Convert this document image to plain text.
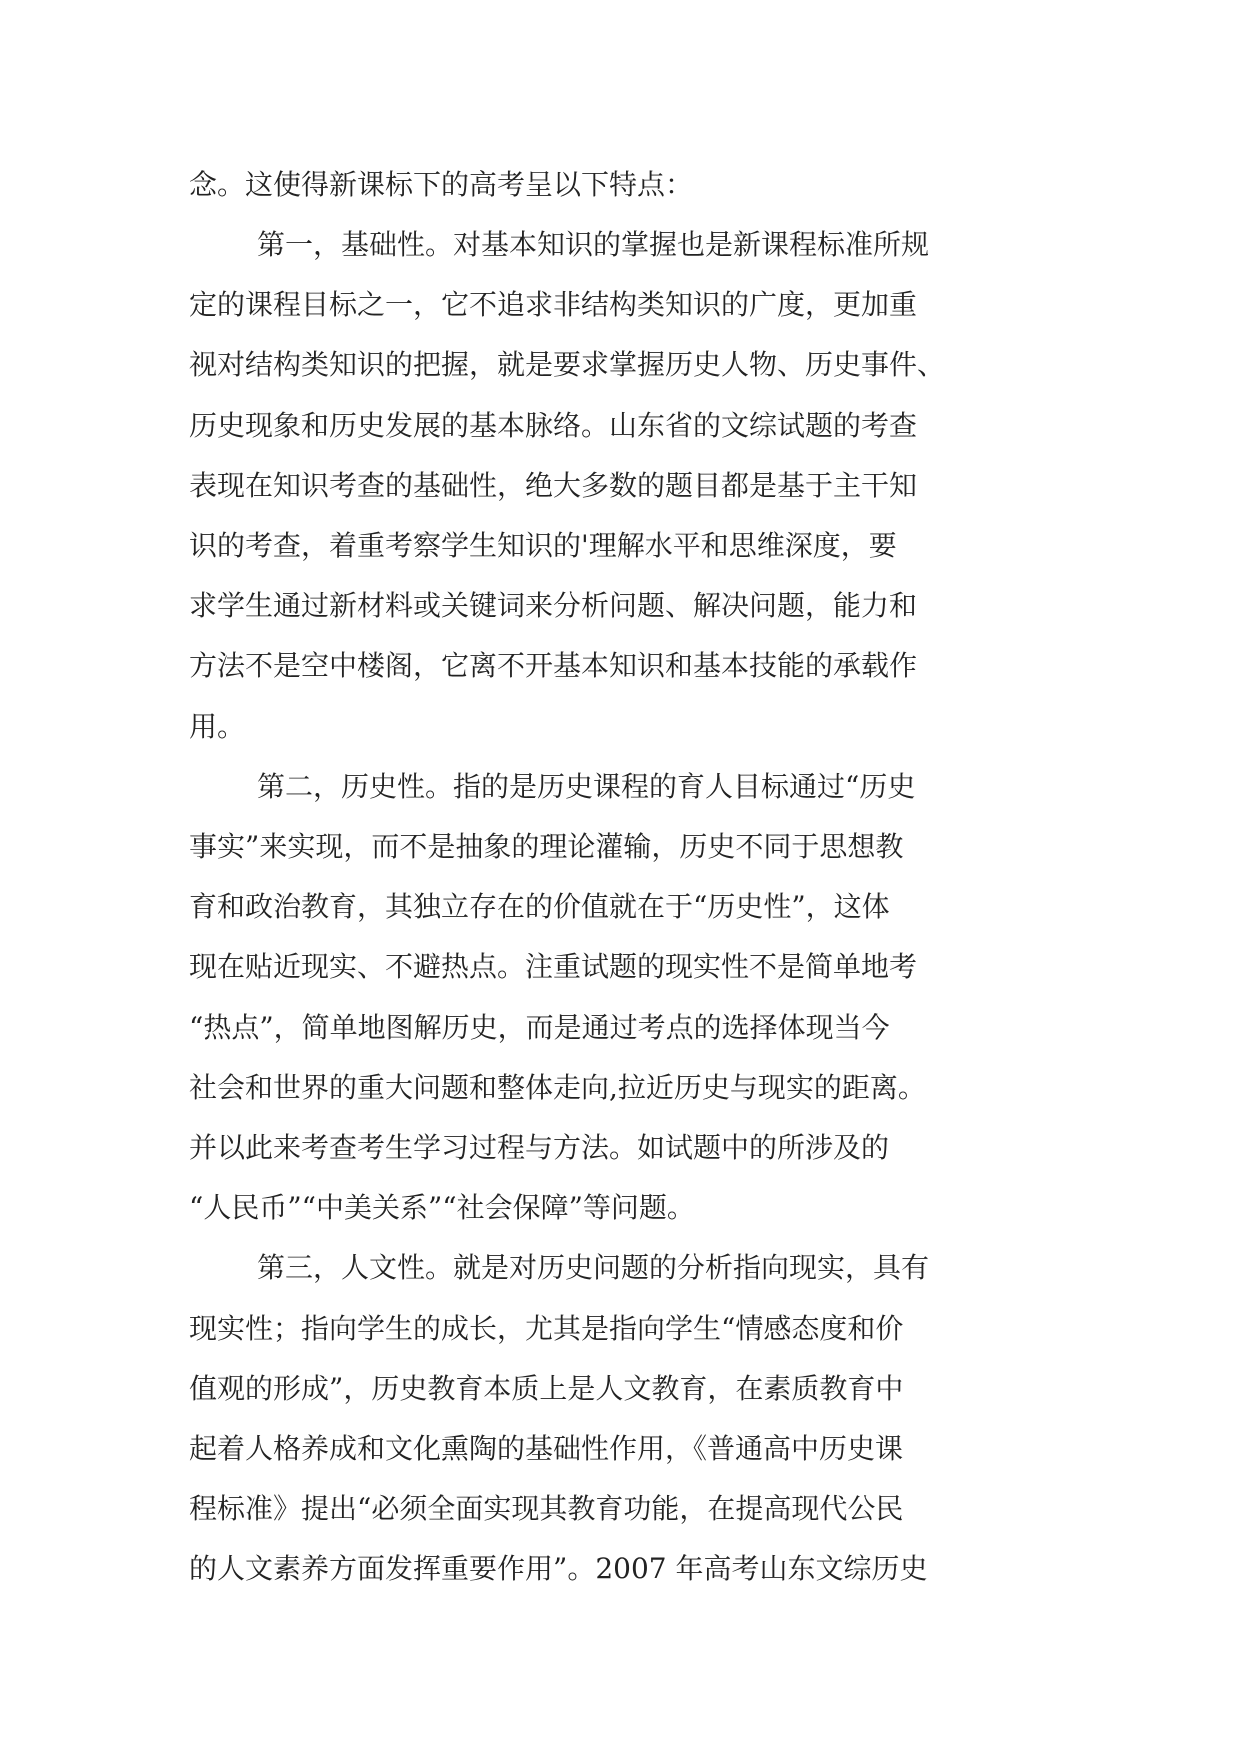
念。这使得新课标下的高考呈以下特点：
第一，基础性。对基本知识的掌握也是新课程标准所规
定的课程目标之一，它不追求非结构类知识的广度，更加重
视对结构类知识的把握，就是要求掌握历史人物、历史事件、
历史现象和历史发展的基本脉络。山东省的文综试题的考查
表现在知识考查的基础性，绝大多数的题目都是基于主干知
识的考查，着重考察学生知识的'理解水平和思维深度，要
求学生通过新材料或关键词来分析问题、解决问题，能力和
方法不是空中楼阁，它离不开基本知识和基本技能的承载作
用。
第二，历史性。指的是历史课程的育人目标通过“历史
事实”来实现，而不是抽象的理论灌输，历史不同于思想教
育和政治教育，其独立存在的价值就在于“历史性”，这体
现在贴近现实、不避热点。注重试题的现实性不是简单地考
“热点”，简单地图解历史，而是通过考点的选择体现当今
社会和世界的重大问题和整体走向,拉近历史与现实的距离。
并以此来考查考生学习过程与方法。如试题中的所涉及的
“人民币”“中美关系”“社会保障”等问题。
第三，人文性。就是对历史问题的分析指向现实，具有
现实性；指向学生的成长，尤其是指向学生“情感态度和价
值观的形成”，历史教育本质上是人文教育，在素质教育中
起着人格养成和文化熏陶的基础性作用，《普通高中历史课
程标准》提出“必须全面实现其教育功能，在提高现代公民
的人文素养方面发挥重要作用”。2007 年高考山东文综历史
